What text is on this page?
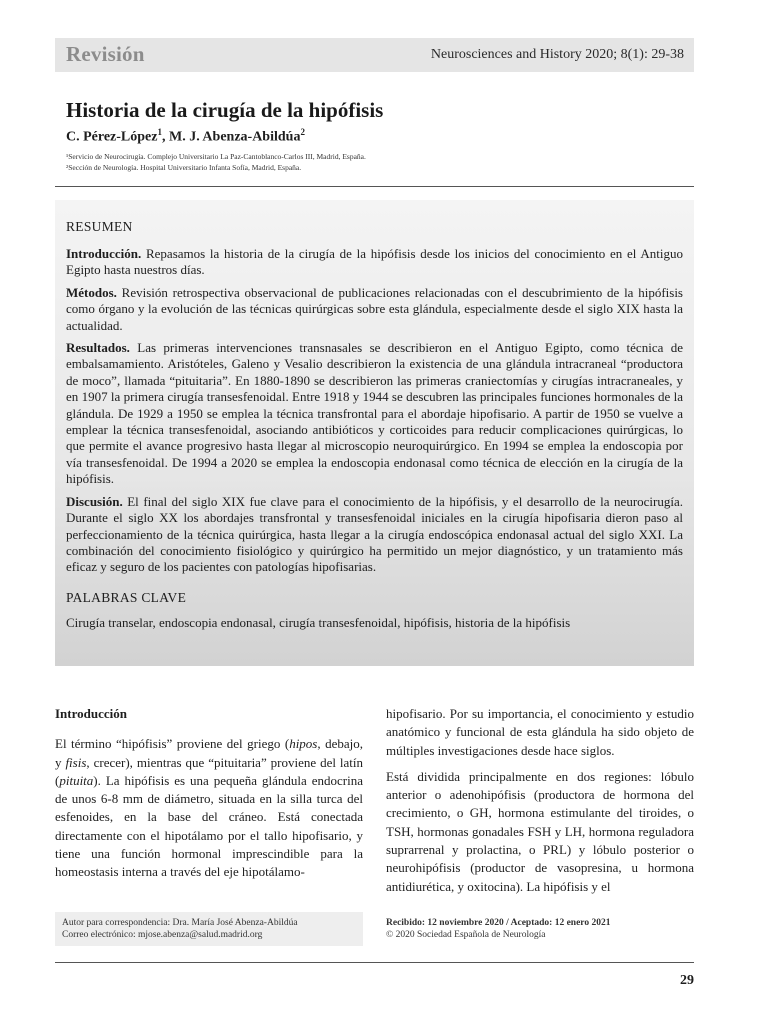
Revisión	Neurosciences and History 2020; 8(1): 29-38
Historia de la cirugía de la hipófisis
C. Pérez-López$^1$, M. J. Abenza-Abildúa$^2$
¹Servicio de Neurocirugía. Complejo Universitario La Paz-Cantoblanco-Carlos III, Madrid, España.
²Sección de Neurología. Hospital Universitario Infanta Sofía, Madrid, España.
RESUMEN

Introducción. Repasamos la historia de la cirugía de la hipófisis desde los inicios del conocimiento en el Antiguo Egipto hasta nuestros días.

Métodos. Revisión retrospectiva observacional de publicaciones relacionadas con el descubrimiento de la hipófisis como órgano y la evolución de las técnicas quirúrgicas sobre esta glándula, especialmente desde el siglo XIX hasta la actualidad.

Resultados. Las primeras intervenciones transnasales se describieron en el Antiguo Egipto, como técnica de embalsamamiento. Aristóteles, Galeno y Vesalio describieron la existencia de una glándula intracraneal “productora de moco”, llamada “pituitaria”. En 1880-1890 se describieron las primeras craniectomías y cirugías intracraneales, y en 1907 la primera cirugía transesfenoidal. Entre 1918 y 1944 se descubren las principales funciones hormonales de la glándula. De 1929 a 1950 se emplea la técnica transfrontal para el abordaje hipofisario. A partir de 1950 se vuelve a emplear la técnica transesfenoidal, asociando antibióticos y corticoides para reducir complicaciones quirúrgicas, lo que permite el avance progresivo hasta llegar al microscopio neuroquirúrgico. En 1994 se emplea la endoscopia por vía transesfenoidal. De 1994 a 2020 se emplea la endoscopia endonasal como técnica de elección en la cirugía de la hipófisis.

Discusión. El final del siglo XIX fue clave para el conocimiento de la hipófisis, y el desarrollo de la neurocirugía. Durante el siglo XX los abordajes transfrontal y transesfenoidal iniciales en la cirugía hipofisaria dieron paso al perfeccionamiento de la técnica quirúrgica, hasta llegar a la cirugía endoscópica endonasal actual del siglo XXI. La combinación del conocimiento fisiológico y quirúrgico ha permitido un mejor diagnóstico, y un tratamiento más eficaz y seguro de los pacientes con patologías hipofisarias.

PALABRAS CLAVE

Cirugía transelar, endoscopia endonasal, cirugía transesfenoidal, hipófisis, historia de la hipófisis

Introducción

El término “hipófisis” proviene del griego (hipos, debajo, y fisis, crecer), mientras que “pituitaria” proviene del latín (pituita). La hipófisis es una pequeña glándula endocrina de unos 6-8 mm de diámetro, situada en la silla turca del esfenoides, en la base del cráneo. Está conectada directamente con el hipotálamo por el tallo hipofisario, y tiene una función hormonal imprescindible para la homeostasis interna a través del eje hipotálamo-

hipofisario. Por su importancia, el conocimiento y estudio anatómico y funcional de esta glándula ha sido objeto de múltiples investigaciones desde hace siglos.

Está dividida principalmente en dos regiones: lóbulo anterior o adenohipófisis (productora de hormona del crecimiento, o GH, hormona estimulante del tiroides, o TSH, hormonas gonadales FSH y LH, hormona reguladora suprarrenal y prolactina, o PRL) y lóbulo posterior o neurohipófisis (productor de vasopresina, u hormona antidiurética, y oxitocina). La hipófisis y el

Autor para correspondencia: Dra. María José Abenza-Abildúa
Correo electrónico: mjose.abenza@salud.madrid.org
Recibido: 12 noviembre 2020 / Aceptado: 12 enero 2021
© 2020 Sociedad Española de Neurología
29
